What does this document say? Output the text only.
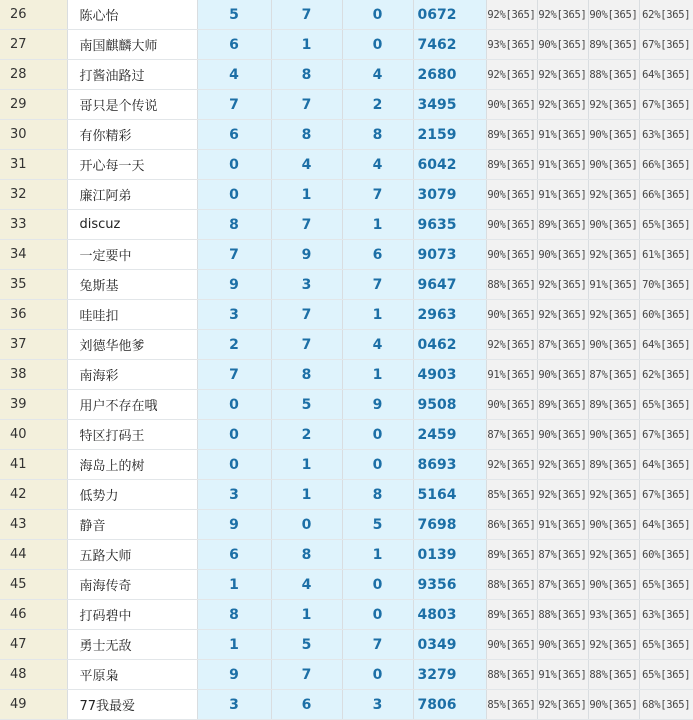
26	陈心怡	5	7	0	0672	92%[365]	92%[365]	90%[365]	62%[365]
27	南国麒麟大师	6	1	0	7462	93%[365]	90%[365]	89%[365]	67%[365]
28	打酱油路过	4	8	4	2680	92%[365]	92%[365]	88%[365]	64%[365]
29	哥只是个传说	7	7	2	3495	90%[365]	92%[365]	92%[365]	67%[365]
30	有你精彩	6	8	8	2159	89%[365]	91%[365]	90%[365]	63%[365]
31	开心每一天	0	4	4	6042	89%[365]	91%[365]	90%[365]	66%[365]
32	廉江阿弟	0	1	7	3079	90%[365]	91%[365]	92%[365]	66%[365]
33	discuz	8	7	1	9635	90%[365]	89%[365]	90%[365]	65%[365]
34	一定要中	7	9	6	9073	90%[365]	90%[365]	92%[365]	61%[365]
35	兔斯基	9	3	7	9647	88%[365]	92%[365]	91%[365]	70%[365]
36	哇哇扣	3	7	1	2963	90%[365]	92%[365]	92%[365]	60%[365]
37	刘德华他爹	2	7	4	0462	92%[365]	87%[365]	90%[365]	64%[365]
38	南海彩	7	8	1	4903	91%[365]	90%[365]	87%[365]	62%[365]
39	用户不存在哦	0	5	9	9508	90%[365]	89%[365]	89%[365]	65%[365]
40	特区打码王	0	2	0	2459	87%[365]	90%[365]	90%[365]	67%[365]
41	海岛上的树	0	1	0	8693	92%[365]	92%[365]	89%[365]	64%[365]
42	低势力	3	1	8	5164	85%[365]	92%[365]	92%[365]	67%[365]
43	静音	9	0	5	7698	86%[365]	91%[365]	90%[365]	64%[365]
44	五路大师	6	8	1	0139	89%[365]	87%[365]	92%[365]	60%[365]
45	南海传奇	1	4	0	9356	88%[365]	87%[365]	90%[365]	65%[365]
46	打码碧中	8	1	0	4803	89%[365]	88%[365]	93%[365]	63%[365]
47	勇士无敌	1	5	7	0349	90%[365]	90%[365]	92%[365]	65%[365]
48	平原枭	9	7	0	3279	88%[365]	91%[365]	88%[365]	65%[365]
49	77我最爱	3	6	3	7806	85%[365]	92%[365]	90%[365]	68%[365]
